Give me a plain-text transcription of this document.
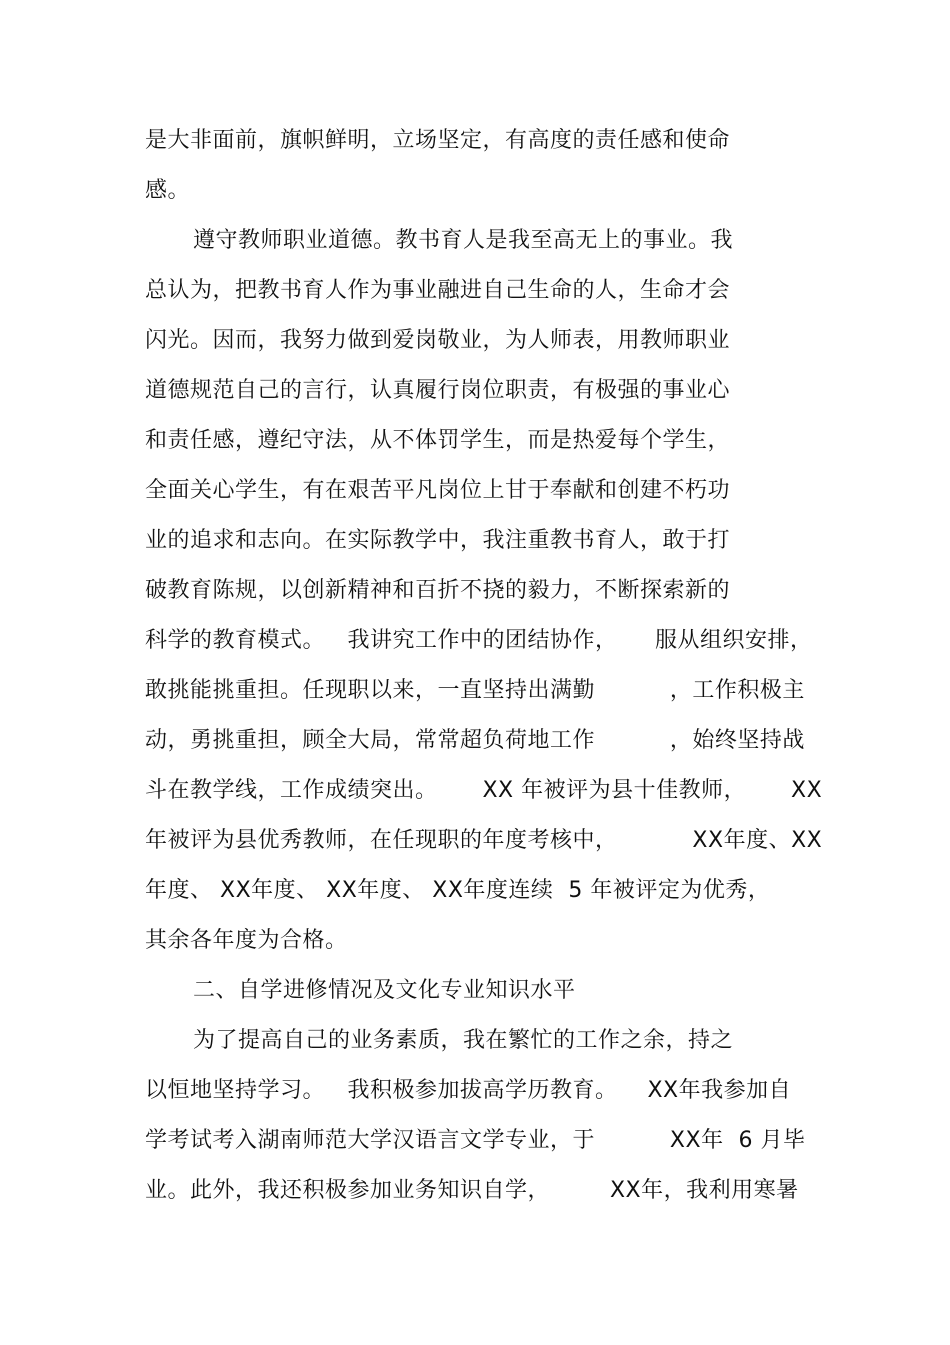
是大非面前，旗帜鲜明，立场坚定，有高度的责任感和使命
感。
遵守教师职业道德。教书育人是我至高无上的事业。我
总认为，把教书育人作为事业融进自己生命的人，生命才会
闪光。因而，我努力做到爱岗敬业，为人师表，用教师职业
道德规范自己的言行，认真履行岗位职责，有极强的事业心
和责任感，遵纪守法，从不体罚学生，而是热爱每个学生，
全面关心学生，有在艰苦平凡岗位上甘于奉献和创建不朽功
业的追求和志向。在实际教学中，我注重教书育人，敢于打
破教育陈规，以创新精神和百折不挠的毅力，不断探索新的
科学的教育模式。   我讲究工作中的团结协作，     服从组织安排，
敢挑能挑重担。任现职以来，一直坚持出满勤          ，工作积极主
动，勇挑重担，顾全大局，常常超负荷地工作          ，始终坚持战
斗在教学线，工作成绩突出。      XX 年被评为县十佳教师，      XX
年被评为县优秀教师，在任现职的年度考核中，          XX年度、XX
年度、 XX年度、 XX年度、 XX年度连续  5 年被评定为优秀，
其余各年度为合格。
二、自学进修情况及文化专业知识水平
为了提高自己的业务素质，我在繁忙的工作之余，持之
以恒地坚持学习。   我积极参加拔高学历教育。    XX年我参加自
学考试考入湖南师范大学汉语言文学专业，于          XX年  6 月毕
业。此外，我还积极参加业务知识自学，        XX年，我利用寒暑
